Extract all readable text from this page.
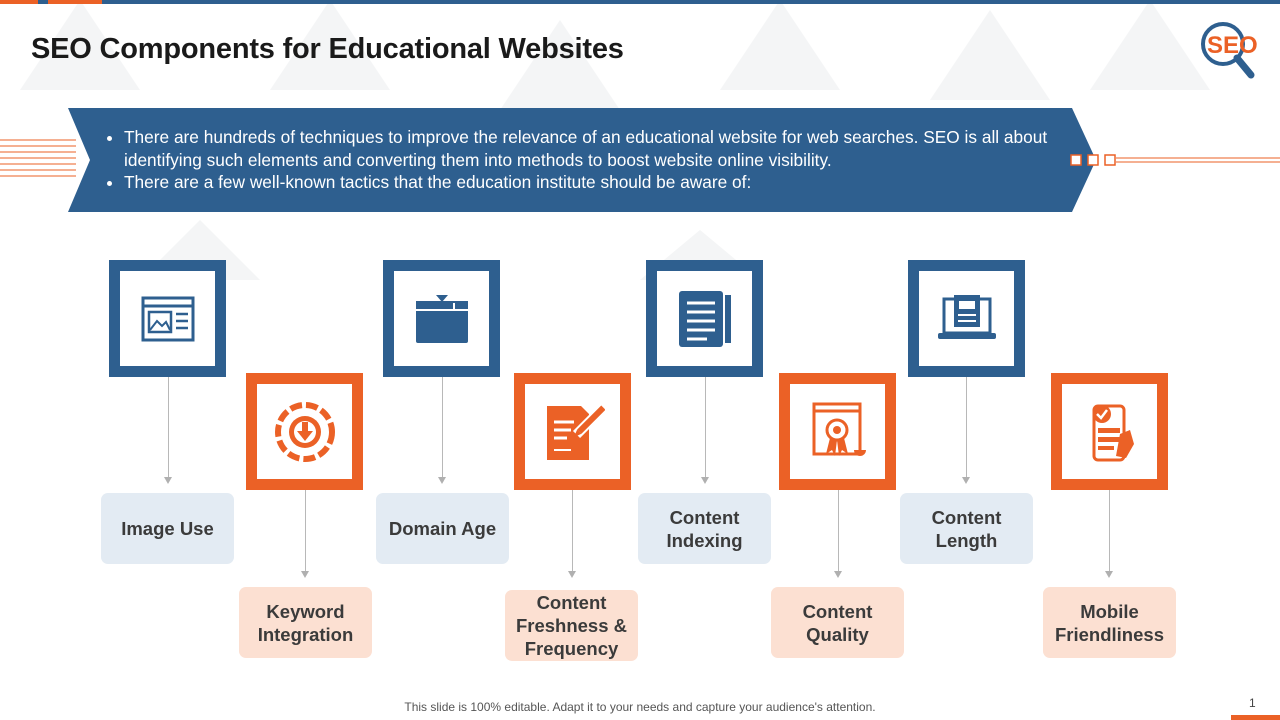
SEO Components for Educational Websites	SEO
• There are hundreds of techniques to improve the relevance of an educational website for web searches. SEO is all about identifying such elements and converting them into methods to boost website online visibility.
• There are a few well-known tactics that the education institute should be aware of:
Image Use
Keyword Integration
Domain Age
Content Freshness & Frequency
Content Indexing
Content Quality
Content Length
Mobile Friendliness
This slide is 100% editable. Adapt it to your needs and capture your audience's attention.	1
